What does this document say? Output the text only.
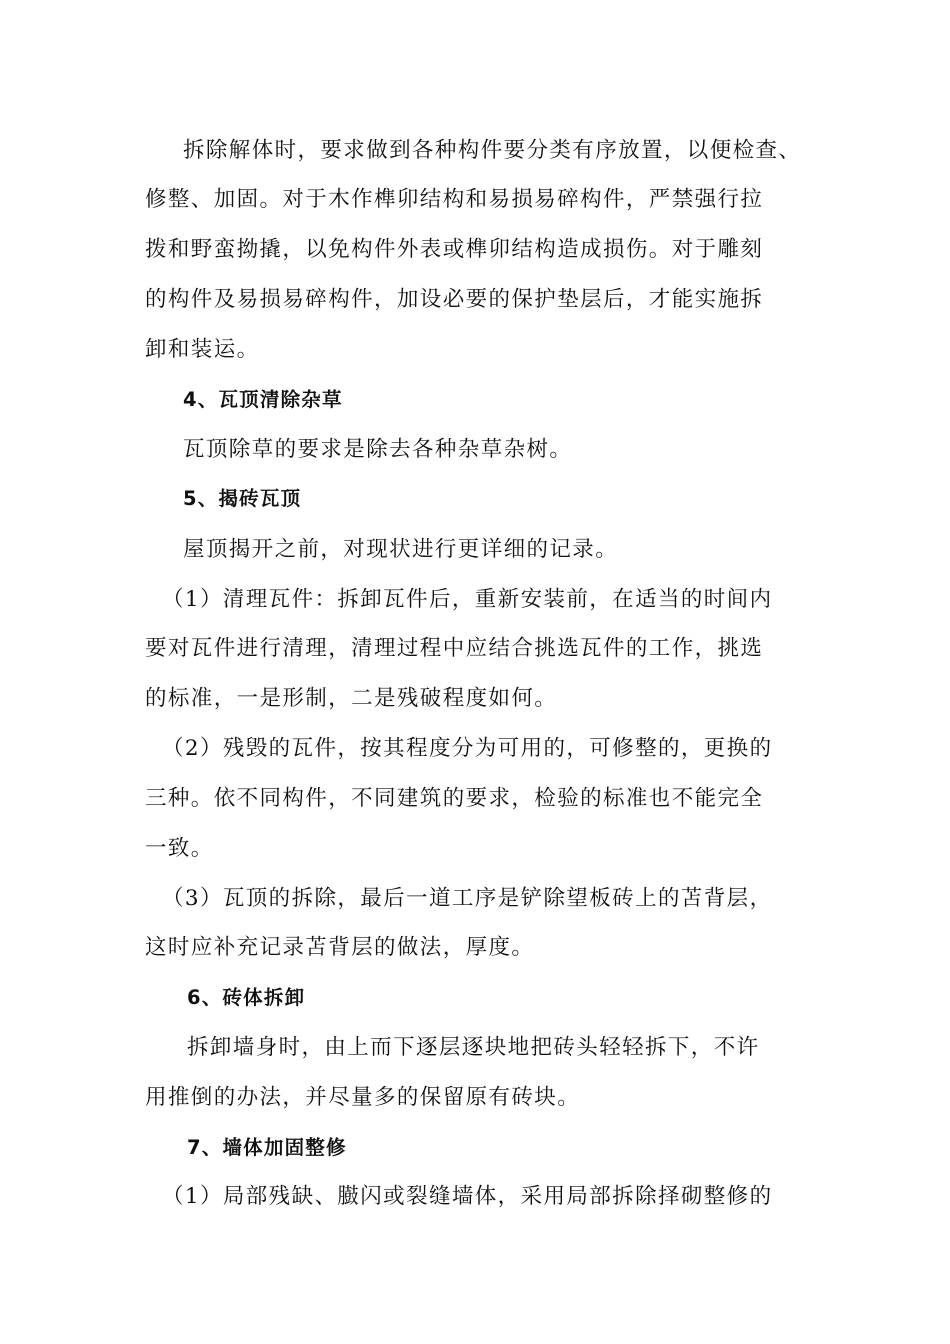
拆除解体时，要求做到各种构件要分类有序放置，以便检查、
修整、加固。对于木作榫卯结构和易损易碎构件，严禁强行拉
拨和野蛮拗撬，以免构件外表或榫卯结构造成损伤。对于雕刻
的构件及易损易碎构件，加设必要的保护垫层后，才能实施拆
卸和装运。
4、瓦顶清除杂草
瓦顶除草的要求是除去各种杂草杂树。
5、揭砖瓦顶
屋顶揭开之前，对现状进行更详细的记录。
（1）清理瓦件：拆卸瓦件后，重新安装前，在适当的时间内
要对瓦件进行清理，清理过程中应结合挑选瓦件的工作，挑选
的标准，一是形制，二是残破程度如何。
（2）残毁的瓦件，按其程度分为可用的，可修整的，更换的
三种。依不同构件，不同建筑的要求，检验的标准也不能完全
一致。
（3）瓦顶的拆除，最后一道工序是铲除望板砖上的苫背层，
这时应补充记录苫背层的做法，厚度。
6、砖体拆卸
拆卸墙身时，由上而下逐层逐块地把砖头轻轻拆下，不许
用推倒的办法，并尽量多的保留原有砖块。
7、墙体加固整修
（1）局部残缺、臌闪或裂缝墙体，采用局部拆除择砌整修的
